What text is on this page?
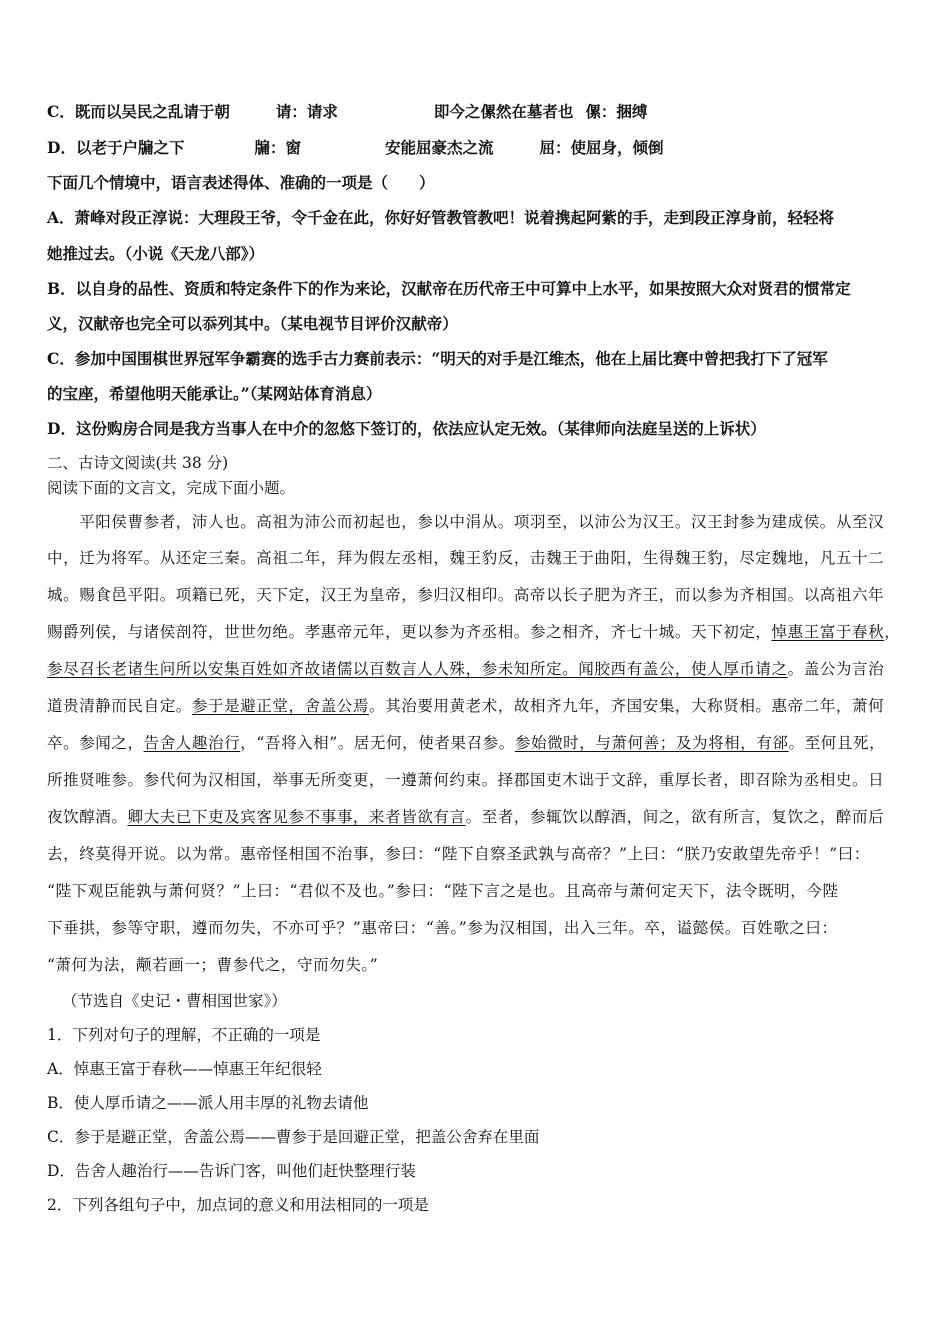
C．既而以吴民之乱请于朝	请：请求	即今之傫然在墓者也 傫：捆缚
D．以老于户牖之下	牖：窗	安能屈豪杰之流	屈：使屈身，倾倒
下面几个情境中，语言表述得体、准确的一项是（　　）
A．萧峰对段正淳说：大理段王爷，令千金在此，你好好管教管教吧！说着携起阿紫的手，走到段正淳身前，轻轻将
她推过去。（小说《天龙八部》）
B．以自身的品性、资质和特定条件下的作为来论，汉献帝在历代帝王中可算中上水平，如果按照大众对贤君的惯常定
义，汉献帝也完全可以忝列其中。（某电视节目评价汉献帝）
C．参加中国围棋世界冠军争霸赛的选手古力赛前表示：“明天的对手是江维杰，他在上届比赛中曾把我打下了冠军
的宝座，希望他明天能承让。”（某网站体育消息）
D．这份购房合同是我方当事人在中介的忽悠下签订的，依法应认定无效。（某律师向法庭呈送的上诉状）
二、古诗文阅读(共 38 分)
阅读下面的文言文，完成下面小题。
　　平阳侯曹参者，沛人也。高祖为沛公而初起也，参以中涓从。项羽至，以沛公为汉王。汉王封参为建成侯。从至汉
中，迁为将军。从还定三秦。高祖二年，拜为假左丞相，魏王豹反，击魏王于曲阳，生得魏王豹，尽定魏地，凡五十二
城。赐食邑平阳。项籍已死，天下定，汉王为皇帝，参归汉相印。高帝以长子肥为齐王，而以参为齐相国。以高祖六年
赐爵列侯，与诸侯剖符，世世勿绝。孝惠帝元年，更以参为齐丞相。参之相齐，齐七十城。天下初定，悼惠王富于春秋，
参尽召长老诸生问所以安集百姓如齐故诸儒以百数言人人殊，参未知所定。闻胶西有盖公，使人厚币请之。盖公为言治
道贵清静而民自定。参于是避正堂，舍盖公焉。其治要用黄老术，故相齐九年，齐国安集，大称贤相。惠帝二年，萧何
卒。参闻之，告舍人趣治行，“吾将入相”。居无何，使者果召参。参始微时，与萧何善；及为将相，有郤。至何且死，
所推贤唯参。参代何为汉相国，举事无所变更，一遵萧何约束。择郡国吏木诎于文辞，重厚长者，即召除为丞相史。日
夜饮醇酒。卿大夫已下吏及宾客见参不事事，来者皆欲有言。至者，参辄饮以醇酒，间之，欲有所言，复饮之，醉而后
去，终莫得开说。以为常。惠帝怪相国不治事，参曰：“陛下自察圣武孰与高帝？”上曰：“朕乃安敢望先帝乎！”曰：
“陛下观臣能孰与萧何贤？”上曰：“君似不及也。”参曰：“陛下言之是也。且高帝与萧何定天下，法令既明，今陛
下垂拱，参等守职，遵而勿失，不亦可乎？”惠帝曰：“善。”参为汉相国，出入三年。卒，谥懿侯。百姓歌之曰：
“萧何为法，颟若画一；曹参代之，守而勿失。”
（节选自《史记・曹相国世家》）
1．下列对句子的理解，不正确的一项是
A．悼惠王富于春秋——悼惠王年纪很轻
B．使人厚币请之——派人用丰厚的礼物去请他
C．参于是避正堂，舍盖公焉——曹参于是回避正堂，把盖公舍弃在里面
D．告舍人趣治行——告诉门客，叫他们赶快整理行装
2．下列各组句子中，加点词的意义和用法相同的一项是
